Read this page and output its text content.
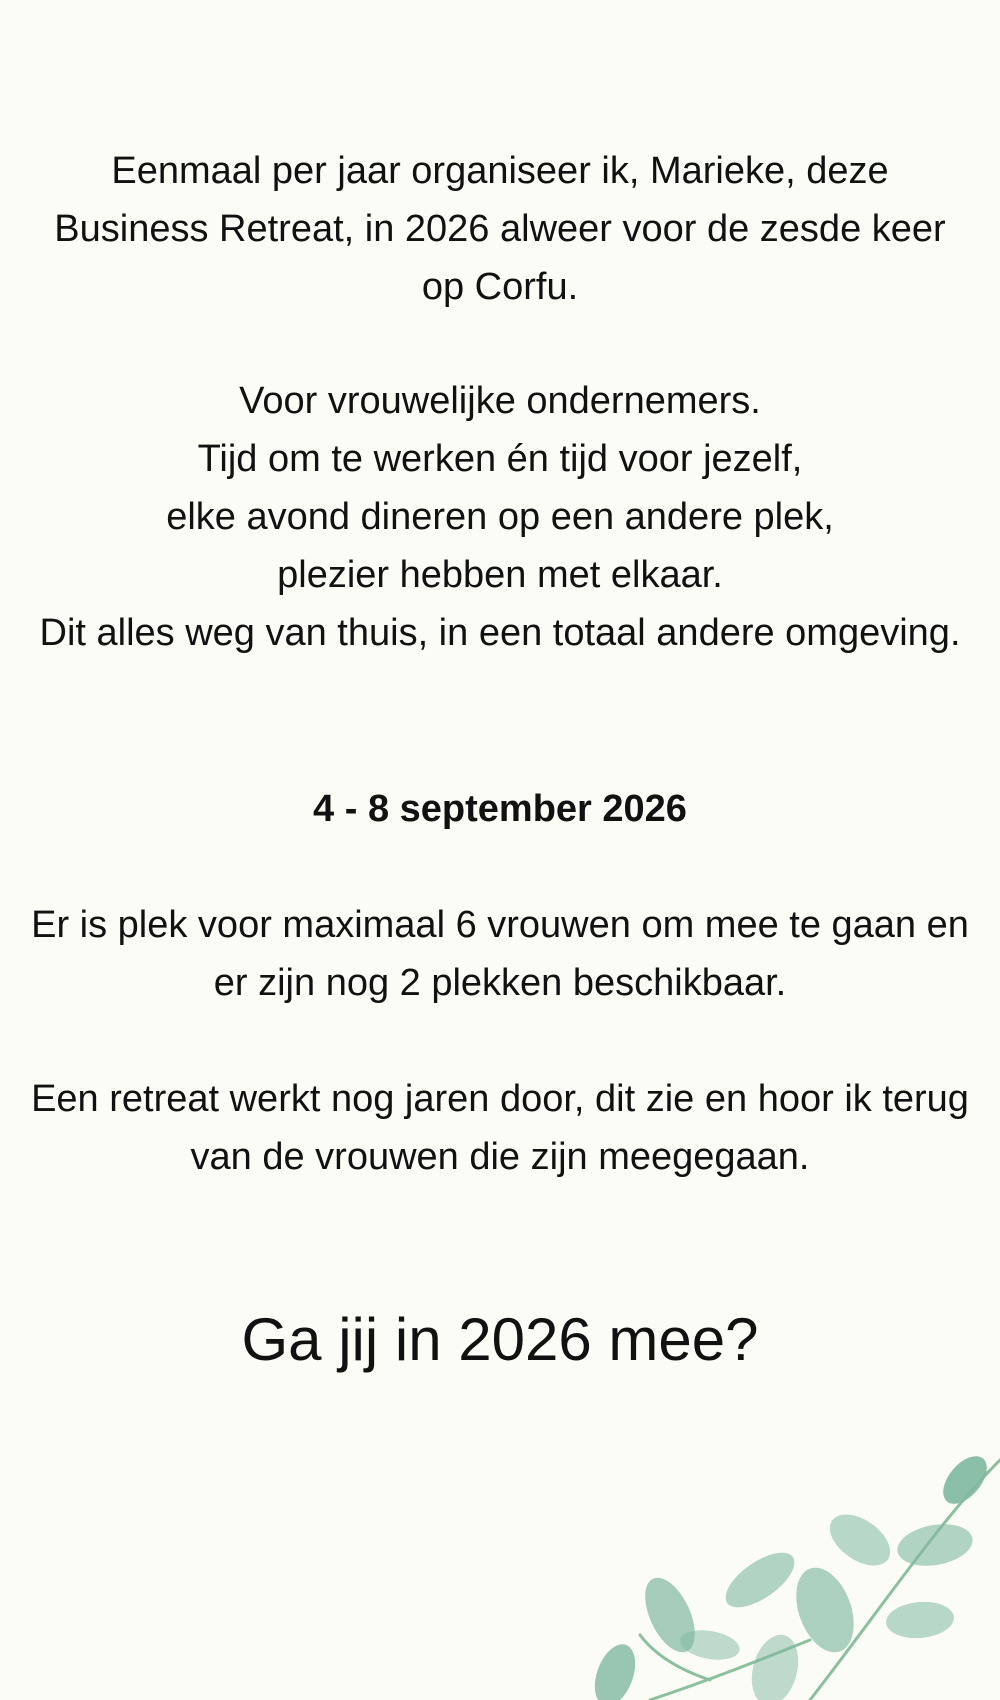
Eenmaal per jaar organiseer ik, Marieke, deze Business Retreat, in 2026 alweer voor de zesde keer op Corfu.

Voor vrouwelijke ondernemers.
Tijd om te werken én tijd voor jezelf,
elke avond dineren op een andere plek,
plezier hebben met elkaar.
Dit alles weg van thuis, in een totaal andere omgeving.

4 - 8 september 2026

Er is plek voor maximaal 6 vrouwen om mee te gaan en er zijn nog 2 plekken beschikbaar.

Een retreat werkt nog jaren door, dit zie en hoor ik terug van de vrouwen die zijn meegegaan.

Ga jij in 2026 mee?
